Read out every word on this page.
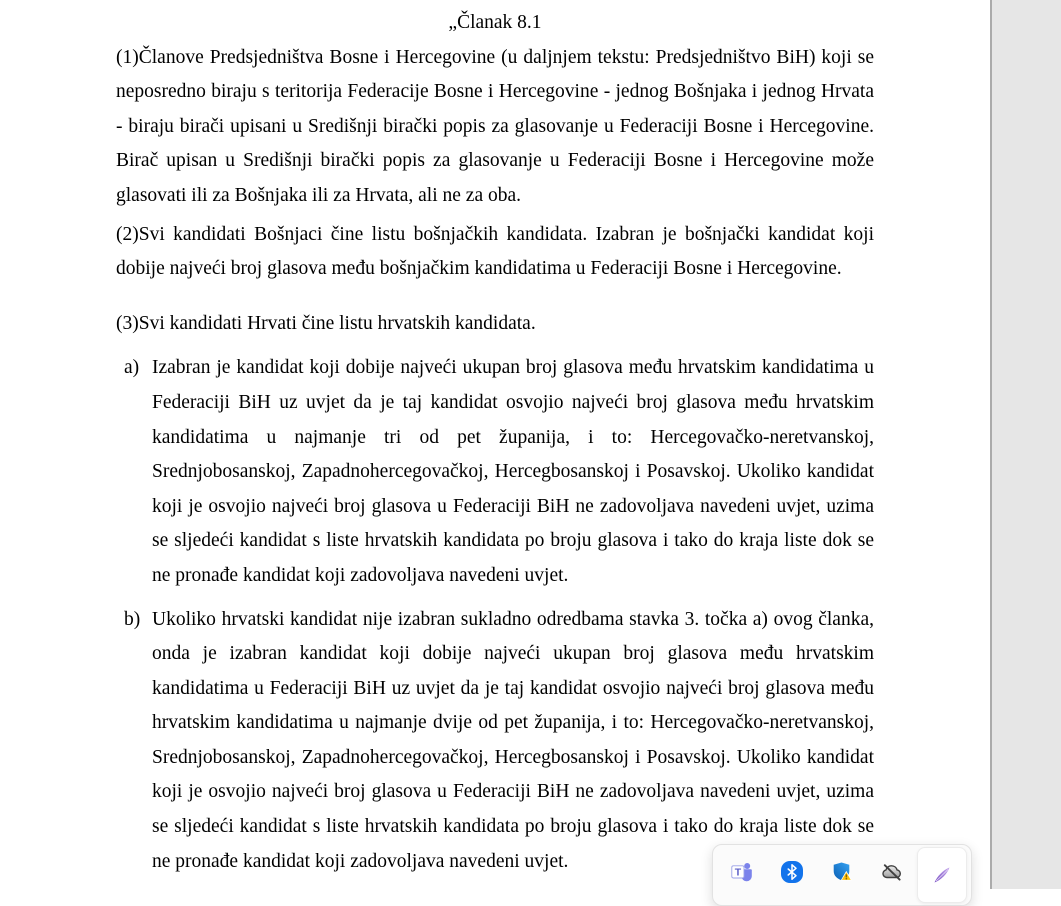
„Članak 8.1

(1)Članove Predsjedništva Bosne i Hercegovine (u daljnjem tekstu: Predsjedništvo BiH) koji se neposredno biraju s teritorija Federacije Bosne i Hercegovine - jednog Bošnjaka i jednog Hrvata - biraju birači upisani u Središnji birački popis za glasovanje u Federaciji Bosne i Hercegovine. Birač upisan u Središnji birački popis za glasovanje u Federaciji Bosne i Hercegovine može glasovati ili za Bošnjaka ili za Hrvata, ali ne za oba.

(2)Svi kandidati Bošnjaci čine listu bošnjačkih kandidata. Izabran je bošnjački kandidat koji dobije najveći broj glasova među bošnjačkim kandidatima u Federaciji Bosne i Hercegovine.

(3)Svi kandidati Hrvati čine listu hrvatskih kandidata.

a) Izabran je kandidat koji dobije najveći ukupan broj glasova među hrvatskim kandidatima u Federaciji BiH uz uvjet da je taj kandidat osvojio najveći broj glasova među hrvatskim kandidatima u najmanje tri od pet županija, i to: Hercegovačko-neretvanskoj, Srednjobosanskoj, Zapadnohercegovačkoj, Hercegbosanskoj i Posavskoj. Ukoliko kandidat koji je osvojio najveći broj glasova u Federaciji BiH ne zadovoljava navedeni uvjet, uzima se sljedeći kandidat s liste hrvatskih kandidata po broju glasova i tako do kraja liste dok se ne pronađe kandidat koji zadovoljava navedeni uvjet.
b) Ukoliko hrvatski kandidat nije izabran sukladno odredbama stavka 3. točka a) ovog članka, onda je izabran kandidat koji dobije najveći ukupan broj glasova među hrvatskim kandidatima u Federaciji BiH uz uvjet da je taj kandidat osvojio najveći broj glasova među hrvatskim kandidatima u najmanje dvije od pet županija, i to: Hercegovačko-neretvanskoj, Srednjobosanskoj, Zapadnohercegovačkoj, Hercegbosanskoj i Posavskoj. Ukoliko kandidat koji je osvojio najveći broj glasova u Federaciji BiH ne zadovoljava navedeni uvjet, uzima se sljedeći kandidat s liste hrvatskih kandidata po broju glasova i tako do kraja liste dok se ne pronađe kandidat koji zadovoljava navedeni uvjet.
T
